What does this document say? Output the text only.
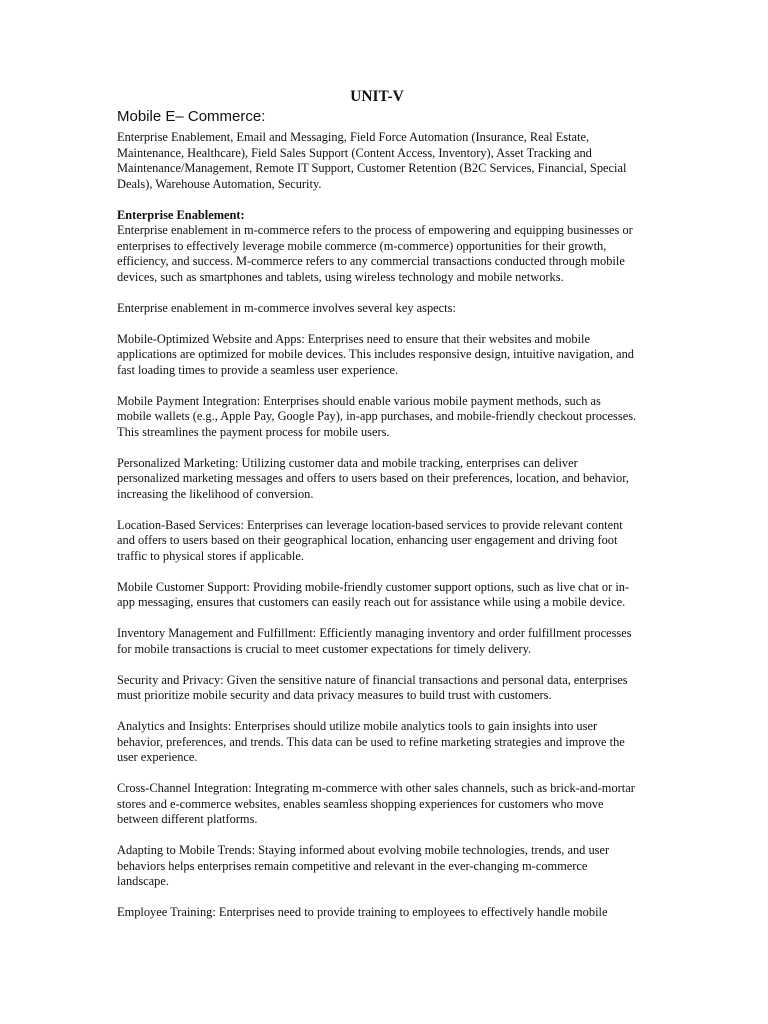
UNIT-V
Mobile E– Commerce:

Enterprise Enablement, Email and Messaging, Field Force Automation (Insurance, Real Estate, Maintenance, Healthcare), Field Sales Support (Content Access, Inventory), Asset Tracking and Maintenance/Management, Remote IT Support, Customer Retention (B2C Services, Financial, Special Deals), Warehouse Automation, Security.

Enterprise Enablement:

Enterprise enablement in m-commerce refers to the process of empowering and equipping businesses or enterprises to effectively leverage mobile commerce (m-commerce) opportunities for their growth, efficiency, and success. M-commerce refers to any commercial transactions conducted through mobile devices, such as smartphones and tablets, using wireless technology and mobile networks.

Enterprise enablement in m-commerce involves several key aspects:

Mobile-Optimized Website and Apps: Enterprises need to ensure that their websites and mobile applications are optimized for mobile devices. This includes responsive design, intuitive navigation, and fast loading times to provide a seamless user experience.

Mobile Payment Integration: Enterprises should enable various mobile payment methods, such as mobile wallets (e.g., Apple Pay, Google Pay), in-app purchases, and mobile-friendly checkout processes. This streamlines the payment process for mobile users.

Personalized Marketing: Utilizing customer data and mobile tracking, enterprises can deliver personalized marketing messages and offers to users based on their preferences, location, and behavior, increasing the likelihood of conversion.

Location-Based Services: Enterprises can leverage location-based services to provide relevant content and offers to users based on their geographical location, enhancing user engagement and driving foot traffic to physical stores if applicable.

Mobile Customer Support: Providing mobile-friendly customer support options, such as live chat or in-app messaging, ensures that customers can easily reach out for assistance while using a mobile device.

Inventory Management and Fulfillment: Efficiently managing inventory and order fulfillment processes for mobile transactions is crucial to meet customer expectations for timely delivery.

Security and Privacy: Given the sensitive nature of financial transactions and personal data, enterprises must prioritize mobile security and data privacy measures to build trust with customers.

Analytics and Insights: Enterprises should utilize mobile analytics tools to gain insights into user behavior, preferences, and trends. This data can be used to refine marketing strategies and improve the user experience.

Cross-Channel Integration: Integrating m-commerce with other sales channels, such as brick-and-mortar stores and e-commerce websites, enables seamless shopping experiences for customers who move between different platforms.

Adapting to Mobile Trends: Staying informed about evolving mobile technologies, trends, and user behaviors helps enterprises remain competitive and relevant in the ever-changing m-commerce landscape.

Employee Training: Enterprises need to provide training to employees to effectively handle mobile
